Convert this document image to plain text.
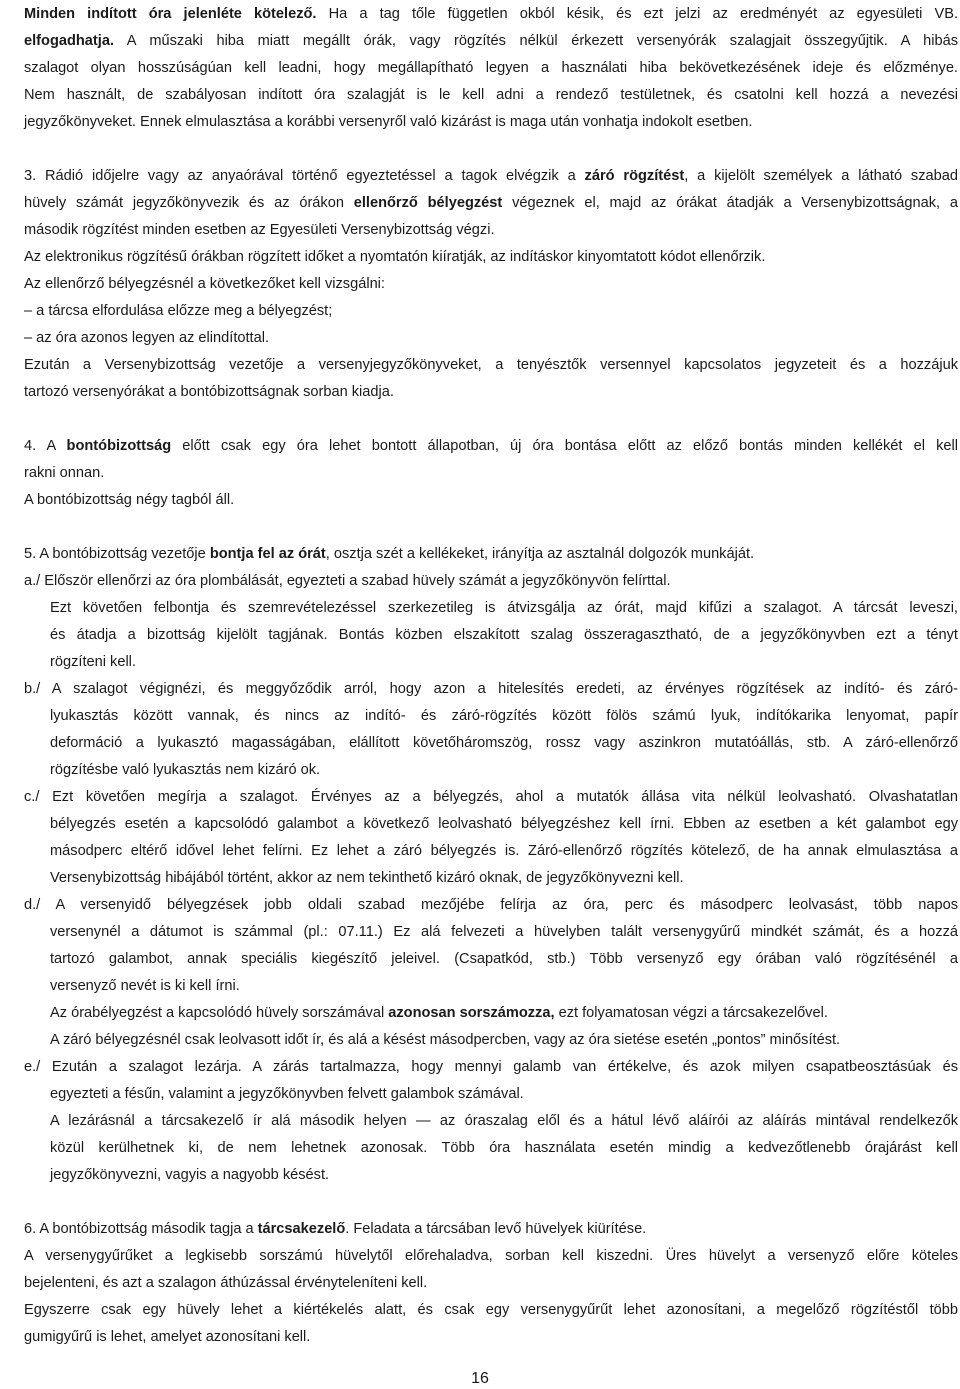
Minden indított óra jelenléte kötelező. Ha a tag tőle független okból késik, és ezt jelzi az eredményét az egyesületi VB.
elfogadhatja. A műszaki hiba miatt megállt órák, vagy rögzítés nélkül érkezett versenyórák szalagjait összegyűjtik. A hibás
szalagot olyan hosszúságúan kell leadni, hogy megállapítható legyen a használati hiba bekövetkezésének ideje és előzménye.
Nem használt, de szabályosan indított óra szalagját is le kell adni a rendező testületnek, és csatolni kell hozzá a nevezési
jegyzőkönyveket. Ennek elmulasztása a korábbi versenyről való kizárást is maga után vonhatja indokolt esetben.
3. Rádió időjelre vagy az anyaórával történő egyeztetéssel a tagok elvégzik a záró rögzítést, a kijelölt személyek a látható szabad
hüvely számát jegyzőkönyvezik és az órákon ellenőrző bélyegzést végeznek el, majd az órákat átadják a Versenybizottságnak, a
második rögzítést minden esetben az Egyesületi Versenybizottság végzi.
Az elektronikus rögzítésű órákban rögzített időket a nyomtatón kiíratják, az indításkor kinyomtatott kódot ellenőrzik.
Az ellenőrző bélyegzésnél a következőket kell vizsgálni:
– a tárcsa elfordulása előzze meg a bélyegzést;
– az óra azonos legyen az elindítottal.
Ezután a Versenybizottság vezetője a versenyjegyzőkönyveket, a tenyésztők versennyel kapcsolatos jegyzeteit és a hozzájuk
tartozó versenyórákat a bontóbizottságnak sorban kiadja.
4. A bontóbizottság előtt csak egy óra lehet bontott állapotban, új óra bontása előtt az előző bontás minden kellékét el kell
rakni onnan.
A bontóbizottság négy tagból áll.
5. A bontóbizottság vezetője bontja fel az órát, osztja szét a kellékeket, irányítja az asztalnál dolgozók munkáját.
a./ Először ellenőrzi az óra plombálását, egyezteti a szabad hüvely számát a jegyzőkönyvön felírttal.
Ezt követően felbontja és szemrevételezéssel szerkezetileg is átvizsgálja az órát, majd kifűzi a szalagot. A tárcsát leveszi,
és átadja a bizottság kijelölt tagjának. Bontás közben elszakított szalag összeragasztható, de a jegyzőkönyvben ezt a tényt
rögzíteni kell.
b./ A szalagot végignézi, és meggyőződik arról, hogy azon a hitelesítés eredeti, az érvényes rögzítések az indító- és záró-
lyukasztás között vannak, és nincs az indító- és záró-rögzítés között fölös számú lyuk, indítókarika lenyomat, papír
deformáció a lyukasztó magasságában, elállított követőháromszög, rossz vagy aszinkron mutatóállás, stb. A záró-ellenőrző
rögzítésbe való lyukasztás nem kizáró ok.
c./ Ezt követően megírja a szalagot. Érvényes az a bélyegzés, ahol a mutatók állása vita nélkül leolvasható. Olvashatatlan
bélyegzés esetén a kapcsolódó galambot a következő leolvasható bélyegzéshez kell írni. Ebben az esetben a két galambot egy
másodperc eltérő idővel lehet felírni. Ez lehet a záró bélyegzés is. Záró-ellenőrző rögzítés kötelező, de ha annak elmulasztása a
Versenybizottság hibájából történt, akkor az nem tekinthető kizáró oknak, de jegyzőkönyvezni kell.
d./ A versenyidő bélyegzések jobb oldali szabad mezőjébe felírja az óra, perc és másodperc leolvasást, több napos
versenynél a dátumot is számmal (pl.: 07.11.) Ez alá felvezeti a hüvelyben talált versenygyűrű mindkét számát, és a hozzá
tartozó galambot, annak speciális kiegészítő jeleivel. (Csapatkód, stb.) Több versenyző egy órában való rögzítésénél a
versenyző nevét is ki kell írni.
Az órabélyegzést a kapcsolódó hüvely sorszámával azonosan sorszámozza, ezt folyamatosan végzi a tárcsakezelővel.
A záró bélyegzésnél csak leolvasott időt ír, és alá a késést másodpercben, vagy az óra sietése esetén „pontos” minősítést.
e./ Ezután a szalagot lezárja. A zárás tartalmazza, hogy mennyi galamb van értékelve, és azok milyen csapatbeosztásúak és
egyezteti a fésűn, valamint a jegyzőkönyvben felvett galambok számával.
A lezárásnál a tárcsakezelő ír alá második helyen — az óraszalag elől és a hátul lévő aláírói az aláírás mintával rendelkezők
közül kerülhetnek ki, de nem lehetnek azonosak. Több óra használata esetén mindig a kedvezőtlenebb órajárást kell
jegyzőkönyvezni, vagyis a nagyobb késést.
6. A bontóbizottság második tagja a tárcsakezelő. Feladata a tárcsában levő hüvelyek kiürítése.
A versenygyűrűket a legkisebb sorszámú hüvelytől előrehaladva, sorban kell kiszedni. Üres hüvelyt a versenyző előre köteles
bejelenteni, és azt a szalagon áthúzással érvényteleníteni kell.
Egyszerre csak egy hüvely lehet a kiértékelés alatt, és csak egy versenygyűrűt lehet azonosítani, a megelőző rögzítéstől több
gumigyűrű is lehet, amelyet azonosítani kell.
16
